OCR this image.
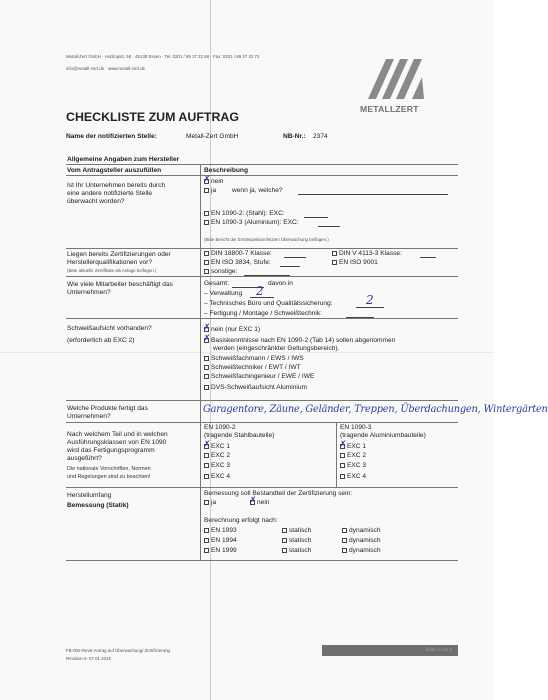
Metall-Zert GmbH · Huttropstr. 58 · 45138 Essen · Tel. 0201 / 89 27 22 68 · Fax: 0201 / 89 27 22 71
info@metall-zert.de · www.metall-zert.de
METALLZERT
CHECKLISTE ZUM AUFTRAG
Name der notifizierten Stelle:	Metall-Zert GmbH	NB-Nr.: 2374
Allgemeine Angaben zum Hersteller
Vom Antragsteller auszufüllen	Beschreibung
Ist Ihr Unternehmen bereits durch
eine andere notifizierte Stelle
überwacht worden?
✗nein
ja wenn ja, welche?
EN 1090-2: (Stahl): EXC:
EN 1090-3 (Aluminium): EXC:
(Bitte Bericht der Erstinspektion/letzten Überwachung beifügen.)
Liegen bereits Zertifizierungen oder
Herstellerqualifikationen vor?
(Bitte aktuelle Zertifikate als Anlage beifügen.)
DIN 18800-7 Klasse:	DIN V 4113-3 Klasse:
EN ISO 3834, Stufe:	EN ISO 9001
sonstige:
Wie viele Mitarbeiter beschäftigt das
Unternehmen?
Gesamt:	davon in
– Verwaltung 2
– Technisches Büro und Qualitätssicherung:	2
– Fertigung / Montage / Schweißtechnik:
Schweißaufsicht vorhanden?
(erforderlich ab EXC 2)
✗nein (nur EXC 1)
✗Basiskenntnisse nach EN 1090-2 (Tab 14) sollen abgenommen
werden (eingeschränkter Geltungsbereich).
Schweißfachmann / EWS / IWS
Schweißtechniker / EWT / IWT
Schweißfachingenieur / EWE / IWE
DVS-Schweißaufsicht Aluminium
Welche Produkte fertigt das
Unternehmen?
Garagentore, Zäune, Geländer, Treppen, Überdachungen, Wintergärten
Nach welchem Teil und in welchen
Ausführungsklassen von EN 1090
wird das Fertigungsprogramm
ausgeführt?
Die nationale Vorschriften, Normen
und Regelungen sind zu beachten!
EN 1090-2
(tragende Stahlbauteile)
✗EXC 1
EXC 2
EXC 3
EXC 4
EN 1090-3
(tragende Aluminiumbauteile)
✗EXC 1
EXC 2
EXC 3
EXC 4
Herstellumfang
Bemessung (Statik)
Bemessung soll Bestandteil der Zertifizierung sein:
ja
✗	nein
Berechnung erfolgt nach:
EN 1993	statisch	dynamisch
EN 1994	statisch	dynamisch
EN 1999	statisch	dynamisch
FB-002-Rev6-Antrag auf Überwachung/ Zertifizierung
Revision 6: 07.01.2015
Seite 2 von 5
